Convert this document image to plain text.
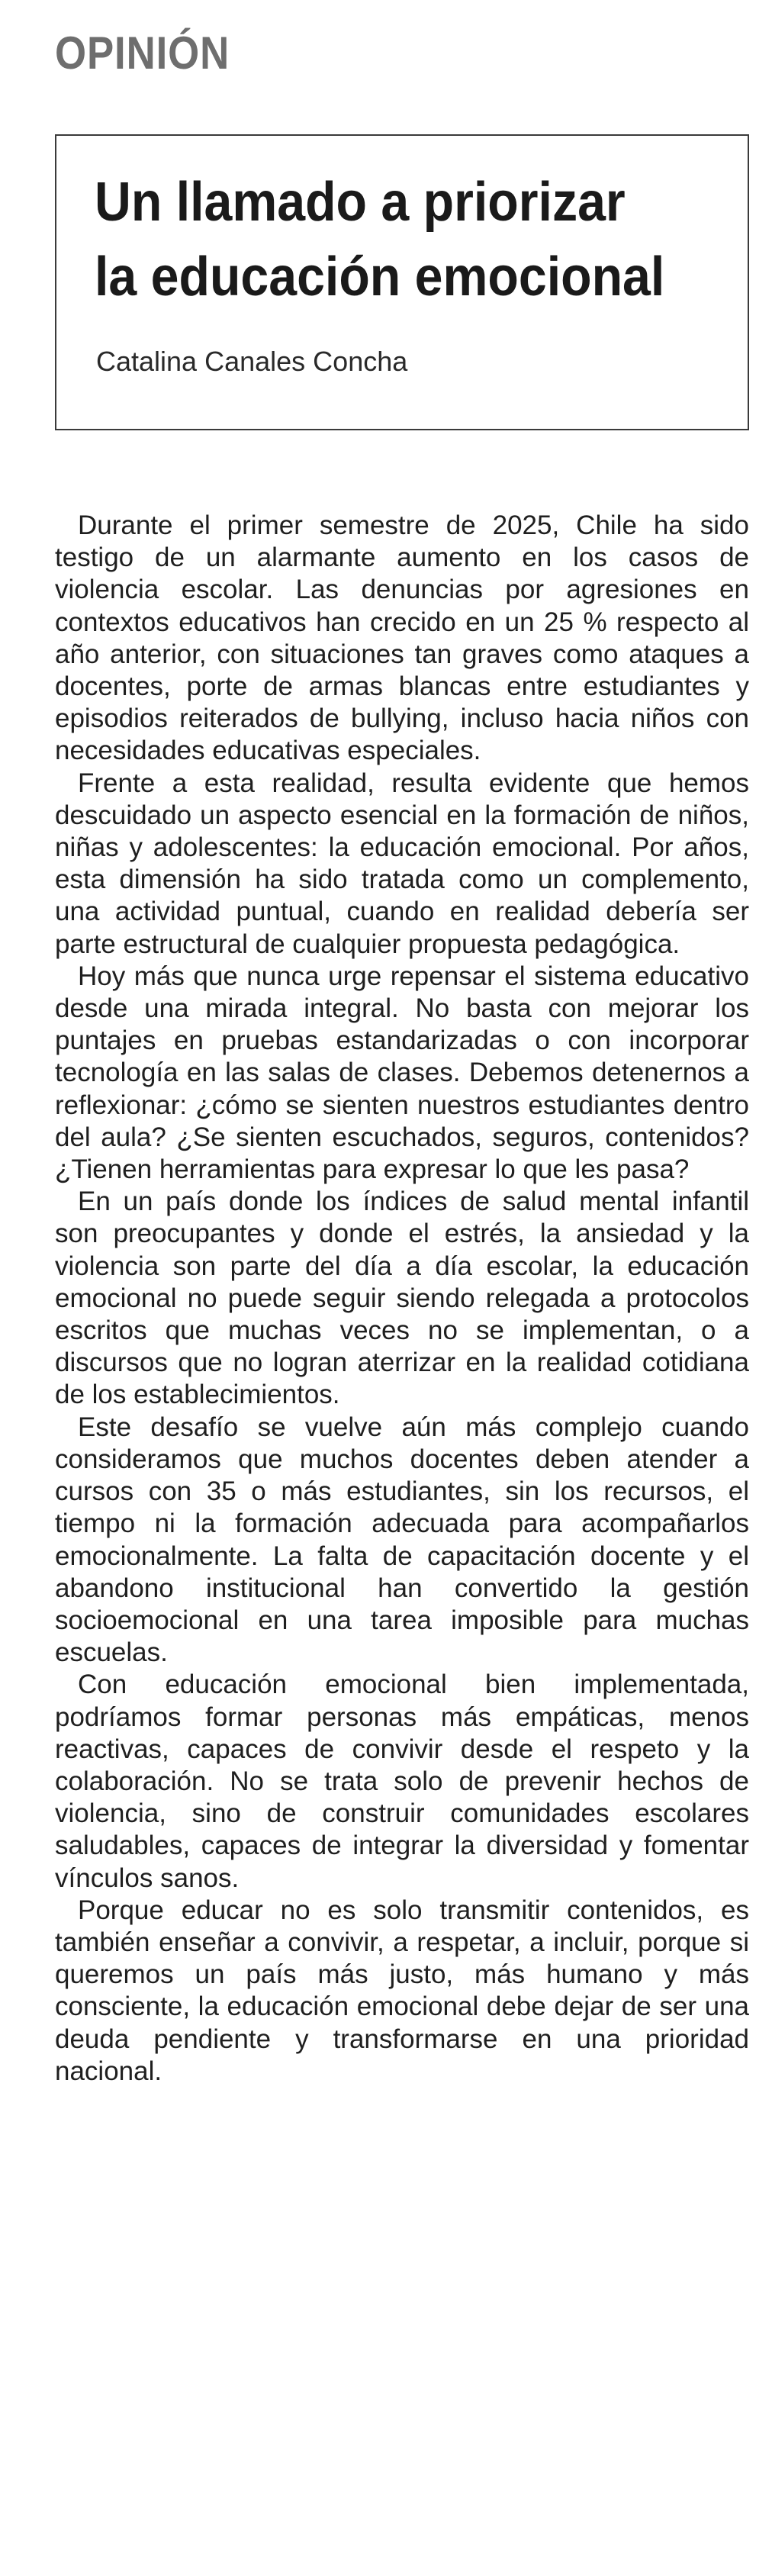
OPINIÓN
Un llamado a priorizar
la educación emocional
Catalina Canales Concha

Durante el primer semestre de 2025, Chile ha sido testigo de un alarmante aumento en los casos de violencia escolar. Las denuncias por agresiones en contextos educativos han crecido en un 25 % respecto al año anterior, con situaciones tan graves como ataques a docentes, porte de armas blancas entre estudiantes y episodios reiterados de bullying, incluso hacia niños con necesidades educativas especiales.

Frente a esta realidad, resulta evidente que hemos descuidado un aspecto esencial en la formación de niños, niñas y adolescentes: la educación emocional. Por años, esta dimensión ha sido tratada como un complemento, una actividad puntual, cuando en realidad debería ser parte estructural de cualquier propuesta pedagógica.

Hoy más que nunca urge repensar el sistema educativo desde una mirada integral. No basta con mejorar los puntajes en pruebas estandarizadas o con incorporar tecnología en las salas de clases. Debemos detenernos a reflexionar: ¿cómo se sienten nuestros estudiantes dentro del aula? ¿Se sienten escuchados, seguros, contenidos? ¿Tienen herramientas para expresar lo que les pasa?

En un país donde los índices de salud mental infantil son preocupantes y donde el estrés, la ansiedad y la violencia son parte del día a día escolar, la educación emocional no puede seguir siendo relegada a protocolos escritos que muchas veces no se implementan, o a discursos que no logran aterrizar en la realidad cotidiana de los establecimientos.

Este desafío se vuelve aún más complejo cuando consideramos que muchos docentes deben atender a cursos con 35 o más estudiantes, sin los recursos, el tiempo ni la formación adecuada para acompañarlos emocionalmente. La falta de capacitación docente y el abandono institucional han convertido la gestión socioemocional en una tarea imposible para muchas escuelas.

Con educación emocional bien implementada, podríamos formar personas más empáticas, menos reactivas, capaces de convivir desde el respeto y la colaboración. No se trata solo de prevenir hechos de violencia, sino de construir comunidades escolares saludables, capaces de integrar la diversidad y fomentar vínculos sanos.

Porque educar no es solo transmitir contenidos, es también enseñar a convivir, a respetar, a incluir, porque si queremos un país más justo, más humano y más consciente, la educación emocional debe dejar de ser una deuda pendiente y transformarse en una prioridad nacional.
